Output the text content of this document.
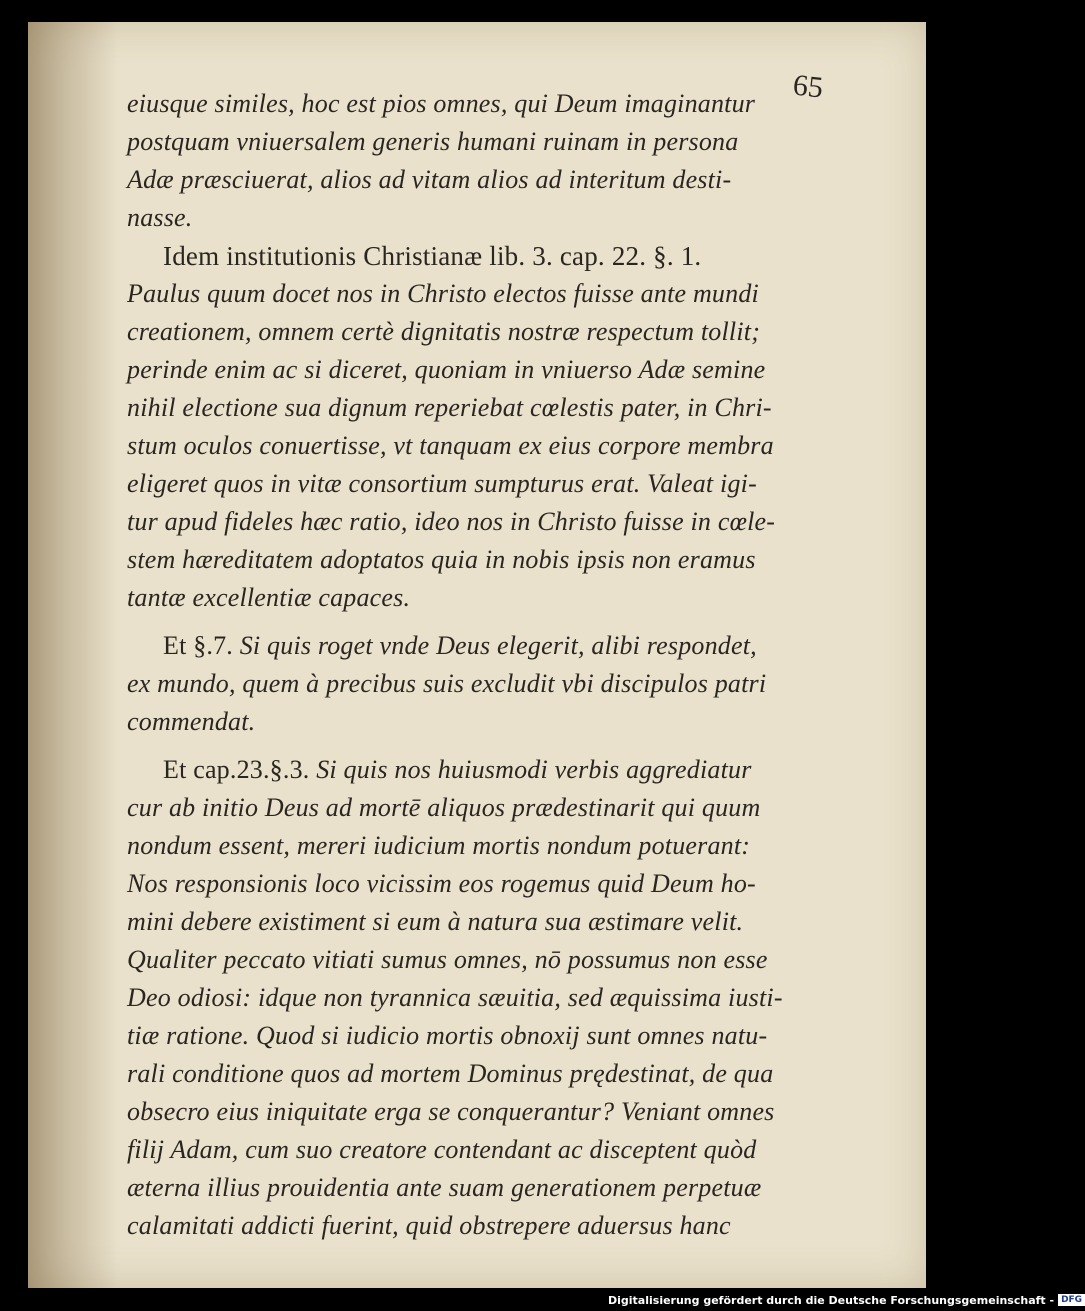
65
eiusque similes, hoc est pios omnes, qui Deum imaginantur
postquam vniuersalem generis humani ruinam in persona
Adæ præsciuerat, alios ad vitam alios ad interitum desti-
nasse.
Idem institutionis Christianæ lib. 3. cap. 22. §. 1.
Paulus quum docet nos in Christo electos fuisse ante mundi
creationem, omnem certè dignitatis nostræ respectum tollit;
perinde enim ac si diceret, quoniam in vniuerso Adæ semine
nihil electione sua dignum reperiebat cœlestis pater, in Chri-
stum oculos conuertisse, vt tanquam ex eius corpore membra
eligeret quos in vitæ consortium sumpturus erat. Valeat igi-
tur apud fideles hæc ratio, ideo nos in Christo fuisse in cœle-
stem hæreditatem adoptatos quia in nobis ipsis non eramus
tantæ excellentiæ capaces.
Et §.7. Si quis roget vnde Deus elegerit, alibi respondet,
ex mundo, quem à precibus suis excludit vbi discipulos patri
commendat.
Et cap.23.§.3. Si quis nos huiusmodi verbis aggrediatur
cur ab initio Deus ad mortē aliquos prædestinarit qui quum
nondum essent, mereri iudicium mortis nondum potuerant:
Nos responsionis loco vicissim eos rogemus quid Deum ho-
mini debere existiment si eum à natura sua æstimare velit.
Qualiter peccato vitiati sumus omnes, nō possumus non esse
Deo odiosi: idque non tyrannica sæuitia, sed æquissima iusti-
tiæ ratione. Quod si iudicio mortis obnoxij sunt omnes natu-
rali conditione quos ad mortem Dominus prędestinat, de qua
obsecro eius iniquitate erga se conquerantur? Veniant omnes
filij Adam, cum suo creatore contendant ac disceptent quòd
æterna illius prouidentia ante suam generationem perpetuæ
calamitati addicti fuerint, quid obstrepere aduersus hanc
Digitalisierung gefördert durch die Deutsche Forschungsgemeinschaft - DFG
